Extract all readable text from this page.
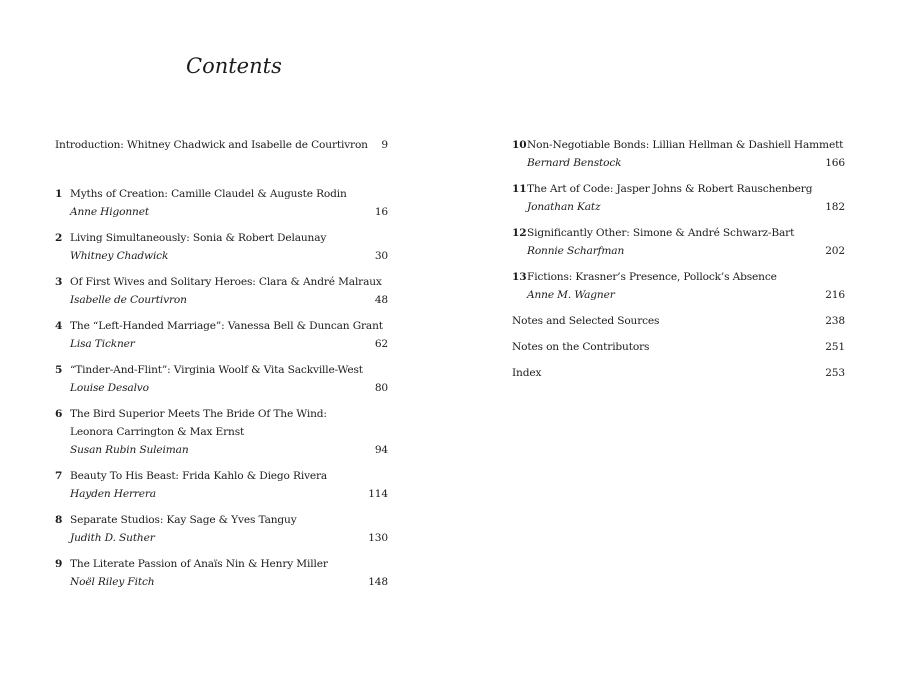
Contents
Introduction: Whitney Chadwick and Isabelle de Courtivron 9
1 Myths of Creation: Camille Claudel & Auguste Rodin
Anne Higonnet	16
2 Living Simultaneously: Sonia & Robert Delaunay
Whitney Chadwick	30
3 Of First Wives and Solitary Heroes: Clara & André Malraux
Isabelle de Courtivron	48
4 The “Left-Handed Marriage”: Vanessa Bell & Duncan Grant
Lisa Tickner	62
5 “Tinder-And-Flint”: Virginia Woolf & Vita Sackville-West
Louise Desalvo	80
6 The Bird Superior Meets The Bride Of The Wind:
Leonora Carrington & Max Ernst
Susan Rubin Suleiman	94
7 Beauty To His Beast: Frida Kahlo & Diego Rivera
Hayden Herrera	114
8 Separate Studios: Kay Sage & Yves Tanguy
Judith D. Suther	130
9 The Literate Passion of Anaïs Nin & Henry Miller
Noël Riley Fitch	148
10 Non-Negotiable Bonds: Lillian Hellman & Dashiell Hammett
Bernard Benstock	166
11 The Art of Code: Jasper Johns & Robert Rauschenberg
Jonathan Katz	182
12 Significantly Other: Simone & André Schwarz-Bart
Ronnie Scharfman	202
13 Fictions: Krasner’s Presence, Pollock’s Absence
Anne M. Wagner	216
Notes and Selected Sources	238
Notes on the Contributors	251
Index	253
